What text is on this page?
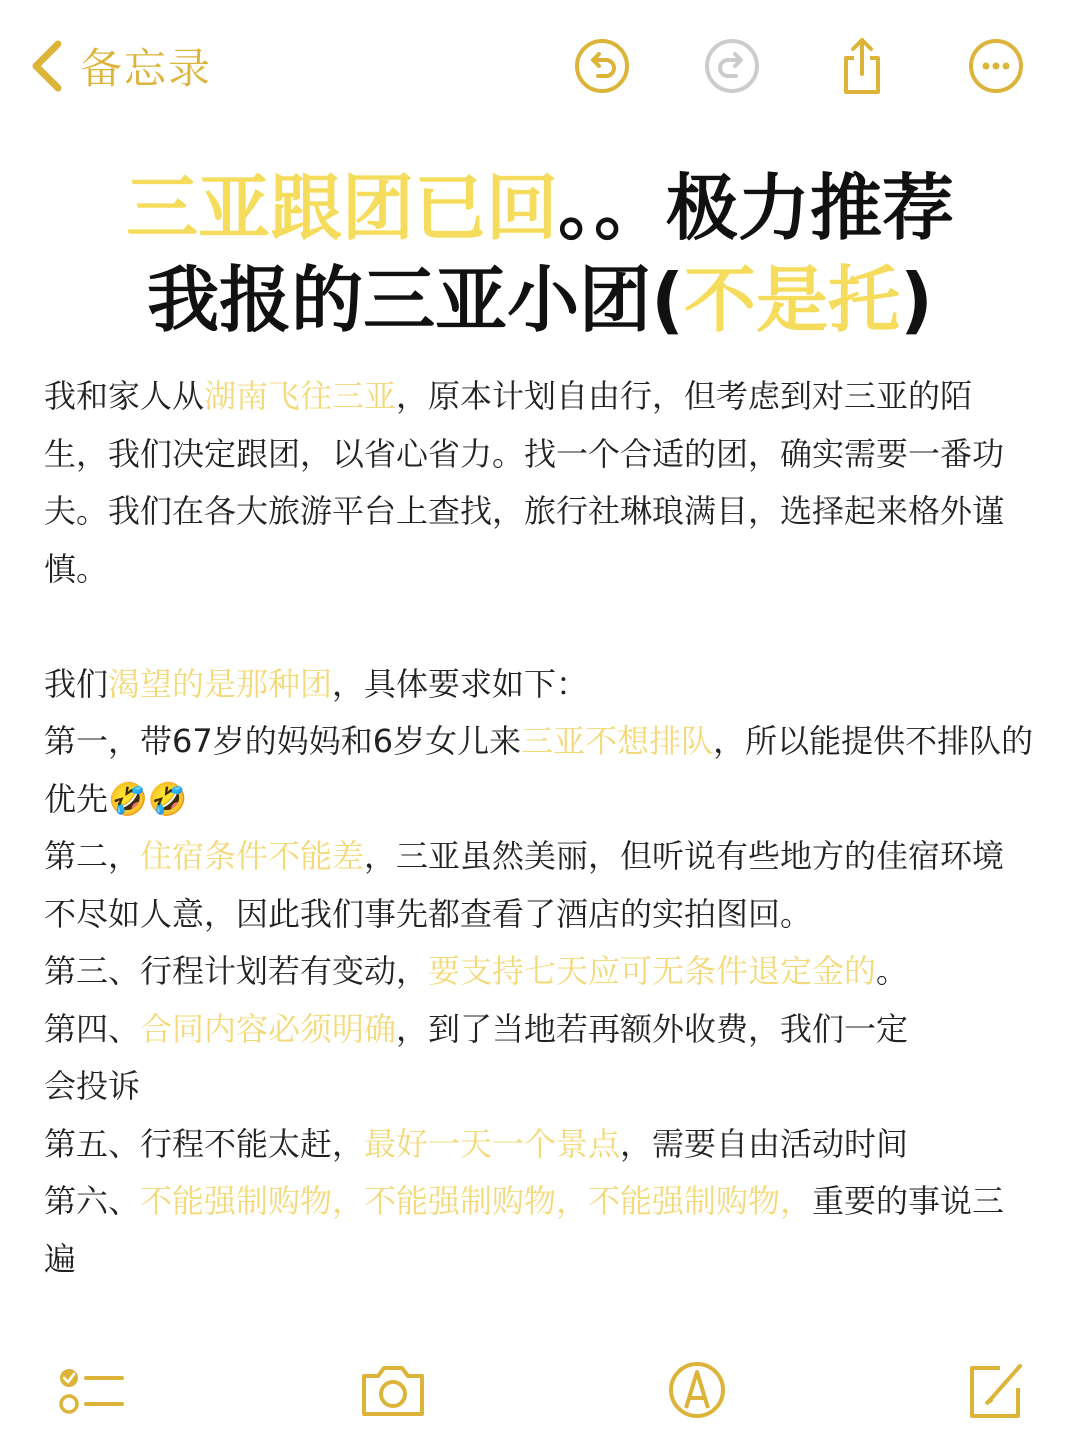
备忘录
三亚跟团已回。。极力推荐
我报的三亚小团(不是托)

我和家人从湖南飞往三亚，原本计划自由行，但考虑到对三亚的陌生，我们决定跟团，以省心省力。找一个合适的团，确实需要一番功夫。我们在各大旅游平台上查找，旅行社琳琅满目，选择起来格外谨慎。

我们渴望的是那种团，具体要求如下：

第一，带67岁的妈妈和6岁女儿来三亚不想排队，所以能提供不排队的优先🤣🤣

第二，住宿条件不能差，三亚虽然美丽，但听说有些地方的佳宿环境不尽如人意，因此我们事先都查看了酒店的实拍图回。

第三、行程计划若有变动，要支持七天应可无条件退定金的。

第四、合同内容必须明确，到了当地若再额外收费，我们一定

会投诉

第五、行程不能太赶，最好一天一个景点，需要自由活动时间

第六、不能强制购物，不能强制购物，不能强制购物，重要的事说三遍
